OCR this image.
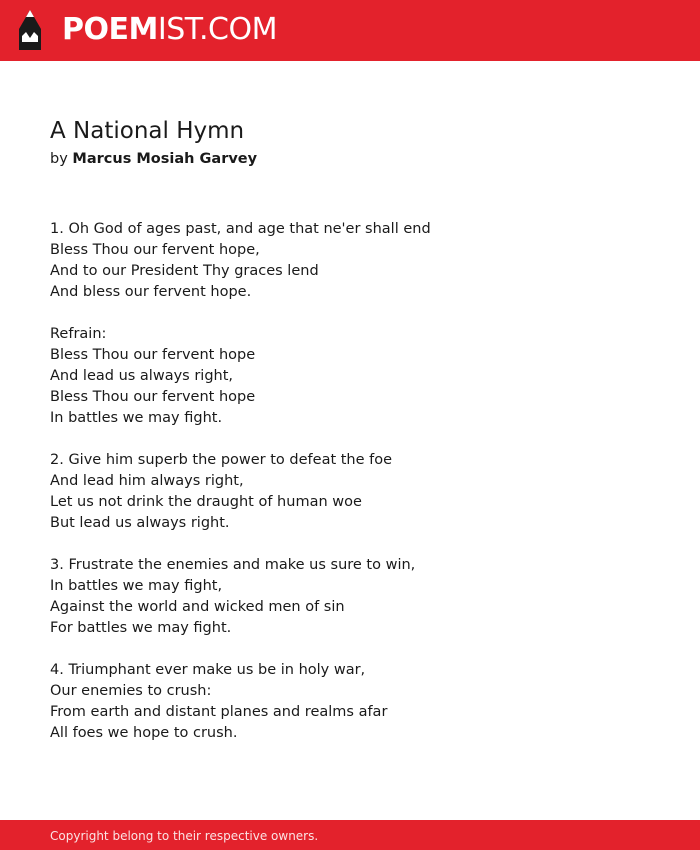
POEMIST.COM
A National Hymn
by Marcus Mosiah Garvey
1. Oh God of ages past, and age that ne'er shall end
Bless Thou our fervent hope,
And to our President Thy graces lend
And bless our fervent hope.
Refrain:
Bless Thou our fervent hope
And lead us always right,
Bless Thou our fervent hope
In battles we may fight.
2. Give him superb the power to defeat the foe
And lead him always right,
Let us not drink the draught of human woe
But lead us always right.
3. Frustrate the enemies and make us sure to win,
In battles we may fight,
Against the world and wicked men of sin
For battles we may fight.
4. Triumphant ever make us be in holy war,
Our enemies to crush:
From earth and distant planes and realms afar
All foes we hope to crush.
Copyright belong to their respective owners.
